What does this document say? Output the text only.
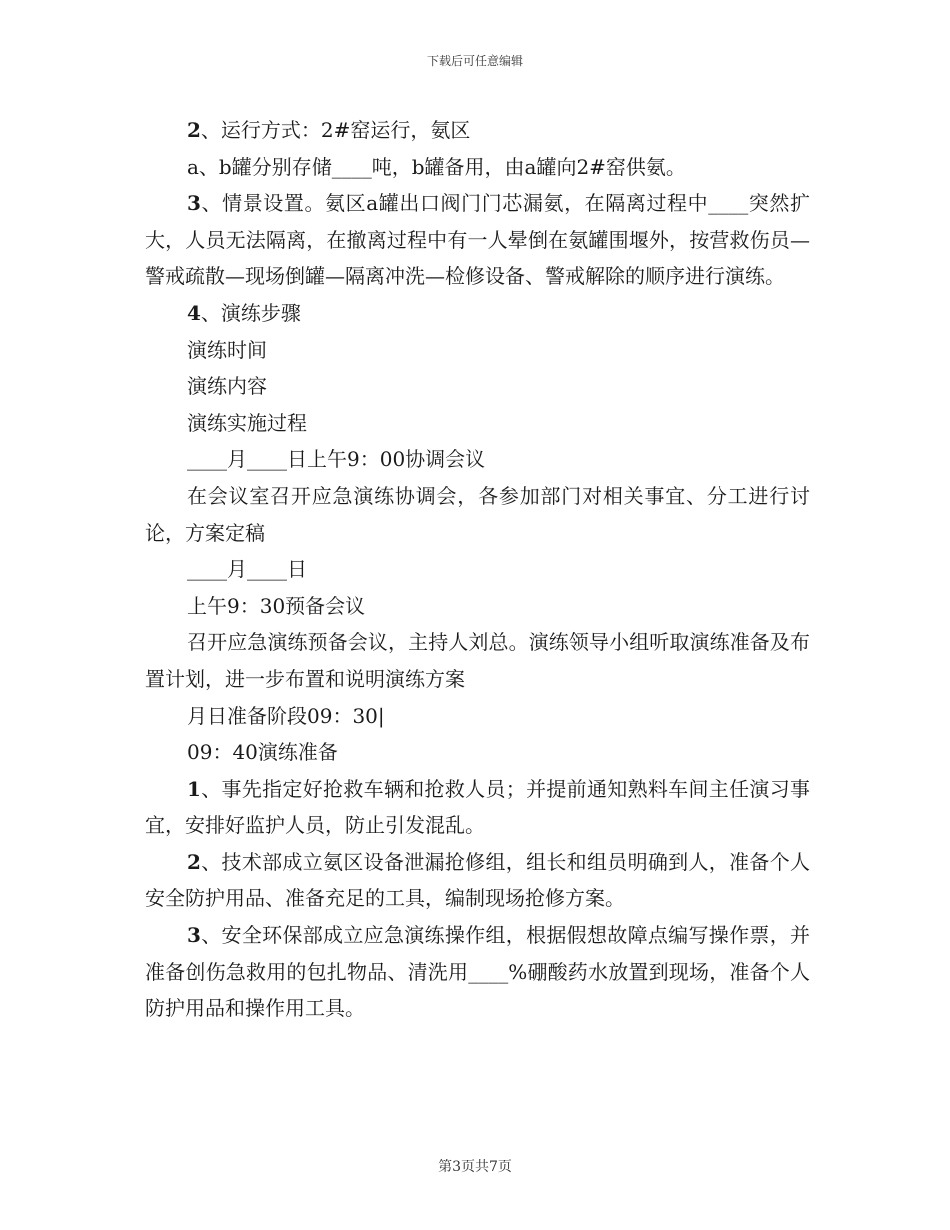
下载后可任意编辑

2、运行方式：2#窑运行，氨区

a、b罐分别存储____吨，b罐备用，由a罐向2#窑供氨。

3、情景设置。氨区a罐出口阀门门芯漏氨，在隔离过程中____突然扩大，人员无法隔离，在撤离过程中有一人晕倒在氨罐围堰外，按营救伤员—警戒疏散—现场倒罐—隔离冲洗—检修设备、警戒解除的顺序进行演练。

4、演练步骤

演练时间

演练内容

演练实施过程

____月____日上午9：00协调会议

在会议室召开应急演练协调会，各参加部门对相关事宜、分工进行讨论，方案定稿

____月____日

上午9：30预备会议

召开应急演练预备会议，主持人刘总。演练领导小组听取演练准备及布置计划，进一步布置和说明演练方案

月日准备阶段09：30|

09：40演练准备

1、事先指定好抢救车辆和抢救人员；并提前通知熟料车间主任演习事宜，安排好监护人员，防止引发混乱。

2、技术部成立氨区设备泄漏抢修组，组长和组员明确到人，准备个人安全防护用品、准备充足的工具，编制现场抢修方案。

3、安全环保部成立应急演练操作组，根据假想故障点编写操作票，并准备创伤急救用的包扎物品、清洗用____%硼酸药水放置到现场，准备个人防护用品和操作用工具。

第3页共7页
